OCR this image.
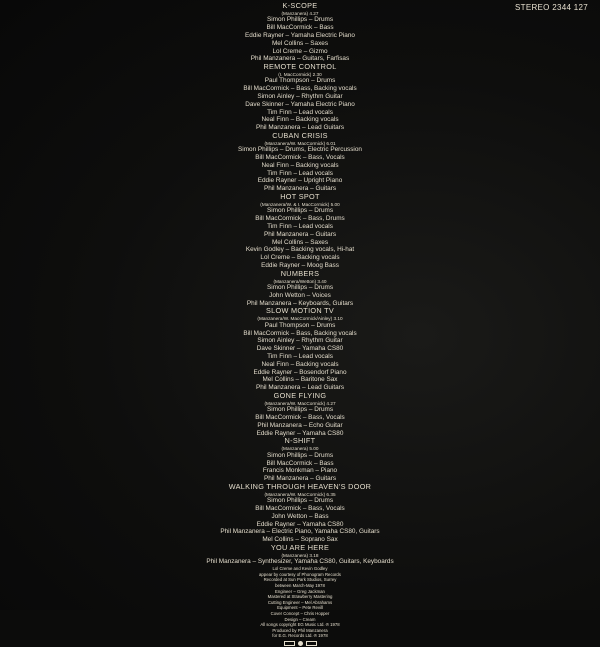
STEREO 2344 127
K-SCOPE
(Manzanera) 4.27
Simon Phillips – Drums
Bill MacCormick – Bass
Eddie Rayner – Yamaha Electric Piano
Mel Collins – Saxes
Lol Creme – Gizmo
Phil Manzanera – Guitars, Farfisas
REMOTE CONTROL
(I. MacCormick) 2.30
Paul Thompson – Drums
Bill MacCormick – Bass, Backing vocals
Simon Ainley – Rhythm Guitar
Dave Skinner – Yamaha Electric Piano
Tim Finn – Lead vocals
Neal Finn – Backing vocals
Phil Manzanera – Lead Guitars
CUBAN CRISIS
(Manzanera/W. MacCormick) 6.01
Simon Phillips – Drums, Electric Percussion
Bill MacCormick – Bass, Vocals
Neal Finn – Backing vocals
Tim Finn – Lead vocals
Eddie Rayner – Upright Piano
Phil Manzanera – Guitars
HOT SPOT
(Manzanera/W. & I. MacCormick) 5.00
Simon Phillips – Drums
Bill MacCormick – Bass, Drums
Tim Finn – Lead vocals
Phil Manzanera – Guitars
Mel Collins – Saxes
Kevin Godley – Backing vocals, Hi-hat
Lol Creme – Backing vocals
Eddie Rayner – Moog Bass
NUMBERS
(Manzanera/Wetton) 3.40
Simon Phillips – Drums
John Wetton – Voices
Phil Manzanera – Keyboards, Guitars
SLOW MOTION TV
(Manzanera/W. MacCormick/Ainley) 3.10
Paul Thompson – Drums
Bill MacCormick – Bass, Backing vocals
Simon Ainley – Rhythm Guitar
Dave Skinner – Yamaha CS80
Tim Finn – Lead vocals
Neal Finn – Backing vocals
Eddie Rayner – Bosendorf Piano
Mel Collins – Baritone Sax
Phil Manzanera – Lead Guitars
GONE FLYING
(Manzanera/W. MacCormick) 4.27
Simon Phillips – Drums
Bill MacCormick – Bass, Vocals
Phil Manzanera – Echo Guitar
Eddie Rayner – Yamaha CS80
N-SHIFT
(Manzanera) 5.00
Simon Phillips – Drums
Bill MacCormick – Bass
Francis Monkman – Piano
Phil Manzanera – Guitars
WALKING THROUGH HEAVEN'S DOOR
(Manzanera/W. MacCormick) 6.35
Simon Phillips – Drums
Bill MacCormick – Bass, Vocals
John Wetton – Bass
Eddie Rayner – Yamaha CS80
Phil Manzanera – Electric Piano, Yamaha CS80, Guitars
Mel Collins – Soprano Sax
YOU ARE HERE
(Manzanera) 3.18
Phil Manzanera – Synthesizer, Yamaha CS80, Guitars, Keyboards
Lol Creme and Kevin Godley
appear by courtesy of Phonogram Records
Recorded at Sun Park Studios, Surrey
between March-May 1978
Engineer – Greg Jackman
Mastered at Strawberry Mastering
Cutting Engineer – Mel Abrahams
Equipment – Pete Revill
Cover Concept – Chris Hopper
Design – Cream
All songs copyright EG Music Ltd. ℗ 1978
Produced by Phil Manzanera
for E.G. Records Ltd. ℗ 1978
